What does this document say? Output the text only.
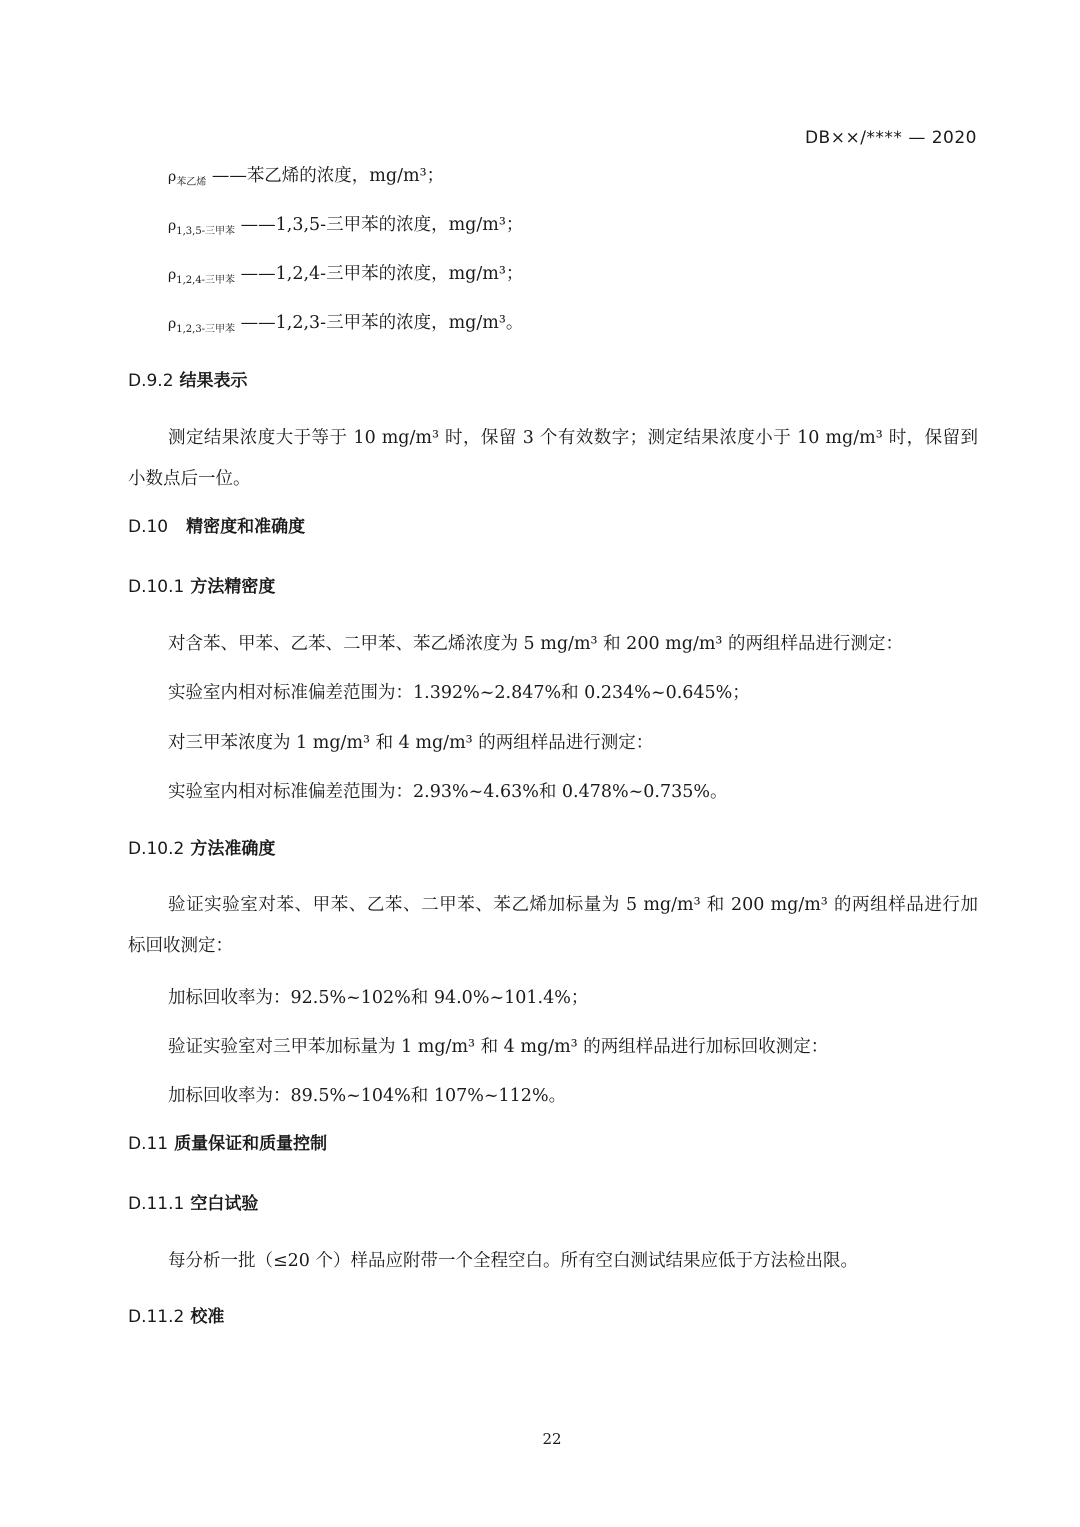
DB××/**** — 2020
$\rho_{苯乙烯}$ ——苯乙烯的浓度，mg/m³；
$\rho_{1,3,5-三甲苯}$ ——1,3,5-三甲苯的浓度，mg/m³；
$\rho_{1,2,4-三甲苯}$ ——1,2,4-三甲苯的浓度，mg/m³；
$\rho_{1,2,3-三甲苯}$ ——1,2,3-三甲苯的浓度，mg/m³。
D.9.2 结果表示
测定结果浓度大于等于 10 mg/m³ 时，保留 3 个有效数字；测定结果浓度小于 10 mg/m³ 时，保留到
小数点后一位。
D.10 精密度和准确度
D.10.1 方法精密度
对含苯、甲苯、乙苯、二甲苯、苯乙烯浓度为 5 mg/m³ 和 200 mg/m³ 的两组样品进行测定：
实验室内相对标准偏差范围为：1.392%~2.847%和 0.234%~0.645%；
对三甲苯浓度为 1 mg/m³ 和 4 mg/m³ 的两组样品进行测定：
实验室内相对标准偏差范围为：2.93%~4.63%和 0.478%~0.735%。
D.10.2 方法准确度
验证实验室对苯、甲苯、乙苯、二甲苯、苯乙烯加标量为 5 mg/m³ 和 200 mg/m³ 的两组样品进行加
标回收测定：
加标回收率为：92.5%~102%和 94.0%~101.4%；
验证实验室对三甲苯加标量为 1 mg/m³ 和 4 mg/m³ 的两组样品进行加标回收测定：
加标回收率为：89.5%~104%和 107%~112%。
D.11 质量保证和质量控制
D.11.1 空白试验
每分析一批（≤20 个）样品应附带一个全程空白。所有空白测试结果应低于方法检出限。
D.11.2 校准
22
